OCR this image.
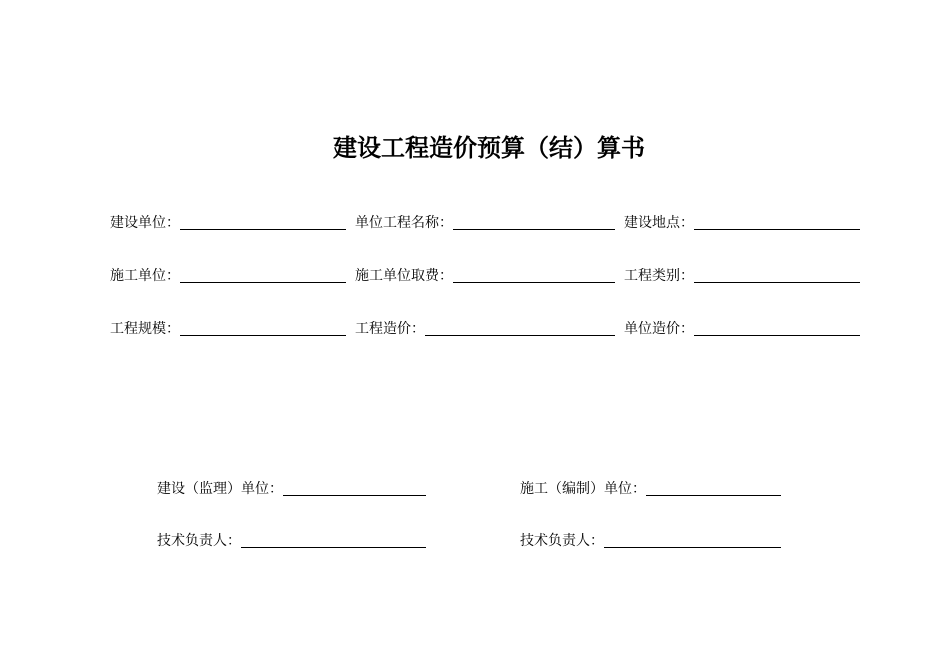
建设工程造价预算（结）算书
建设单位：	单位工程名称：	建设地点：
施工单位：	施工单位取费：	工程类别：
工程规模：	工程造价：	单位造价：
建设（监理）单位：	施工（编制）单位：
技术负责人：	技术负责人：
